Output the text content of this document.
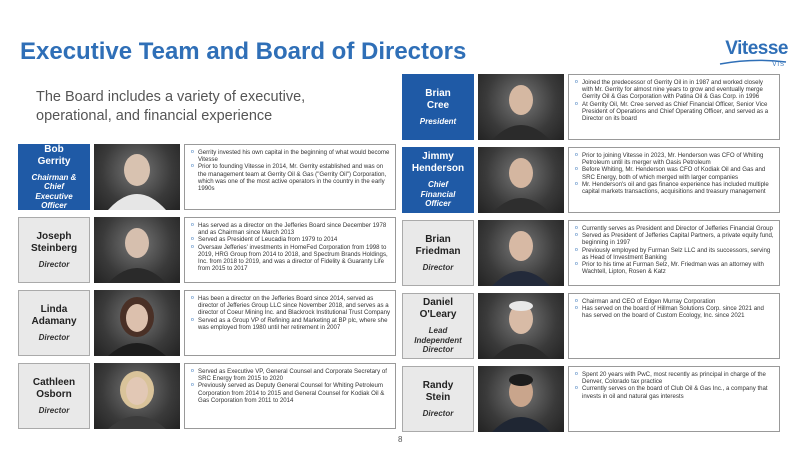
Executive Team and Board of Directors
The Board includes a variety of executive, operational, and financial experience
Vitesse
VTS
Bob
Gerrity
Chairman &
Chief
Executive
Officer
o Gerrity invested his own capital in the beginning of what would become Vitesse
o Prior to founding Vitesse in 2014, Mr. Gerrity established and was on the management team at Gerrity Oil & Gas ("Gerrity Oil") Corporation, which was one of the most active operators in the country in the early 1990s
Joseph
Steinberg
Director
o Has served as a director on the Jefferies Board since December 1978 and as Chairman since March 2013
o Served as President of Leucadia from 1979 to 2014
o Oversaw Jefferies' investments in HomeFed Corporation from 1998 to 2019, HRG Group from 2014 to 2018, and Spectrum Brands Holdings, Inc. from 2018 to 2019, and was a director of Fidelity & Guaranty Life from 2015 to 2017
Linda
Adamany
Director
o Has been a director on the Jefferies Board since 2014, served as director of Jefferies Group LLC since November 2018, and serves as a director of Coeur Mining Inc. and Blackrock Institutional Trust Company
o Served as a Group VP of Refining and Marketing at BP plc, where she was employed from 1980 until her retirement in 2007
Cathleen
Osborn
Director
o Served as Executive VP, General Counsel and Corporate Secretary of SRC Energy from 2015 to 2020
o Previously served as Deputy General Counsel for Whiting Petroleum Corporation from 2014 to 2015 and General Counsel for Kodiak Oil & Gas Corporation from 2011 to 2014
Brian
Cree
President
o Joined the predecessor of Gerrity Oil in in 1987 and worked closely with Mr. Gerrity for almost nine years to grow and eventually merge Gerrity Oil & Gas Corporation with Patina Oil & Gas Corp. in 1996
o At Gerrity Oil, Mr. Cree served as Chief Financial Officer, Senior Vice President of Operations and Chief Operating Officer, and served as a Director on its board
Jimmy
Henderson
Chief
Financial
Officer
o Prior to joining Vitesse in 2023, Mr. Henderson was CFO of Whiting Petroleum until its merger with Oasis Petroleum
o Before Whiting, Mr. Henderson was CFO of Kodiak Oil and Gas and SRC Energy, both of which merged with larger companies
o Mr. Henderson's oil and gas finance experience has included multiple capital markets transactions, acquisitions and treasury management
Brian
Friedman
Director
o Currently serves as President and Director of Jefferies Financial Group
o Served as President of Jefferies Capital Partners, a private equity fund, beginning in 1997
o Previously employed by Furman Selz LLC and its successors, serving as Head of Investment Banking
o Prior to his time at Furman Selz, Mr. Friedman was an attorney with Wachtell, Lipton, Rosen & Katz
Daniel
O'Leary
Lead
Independent
Director
o Chairman and CEO of Edgen Murray Corporation
o Has served on the board of Hillman Solutions Corp. since 2021 and has served on the board of Custom Ecology, Inc. since 2021
Randy
Stein
Director
o Spent 20 years with PwC, most recently as principal in charge of the Denver, Colorado tax practice
o Currently serves on the board of Club Oil & Gas Inc., a company that invests in oil and natural gas interests
8
